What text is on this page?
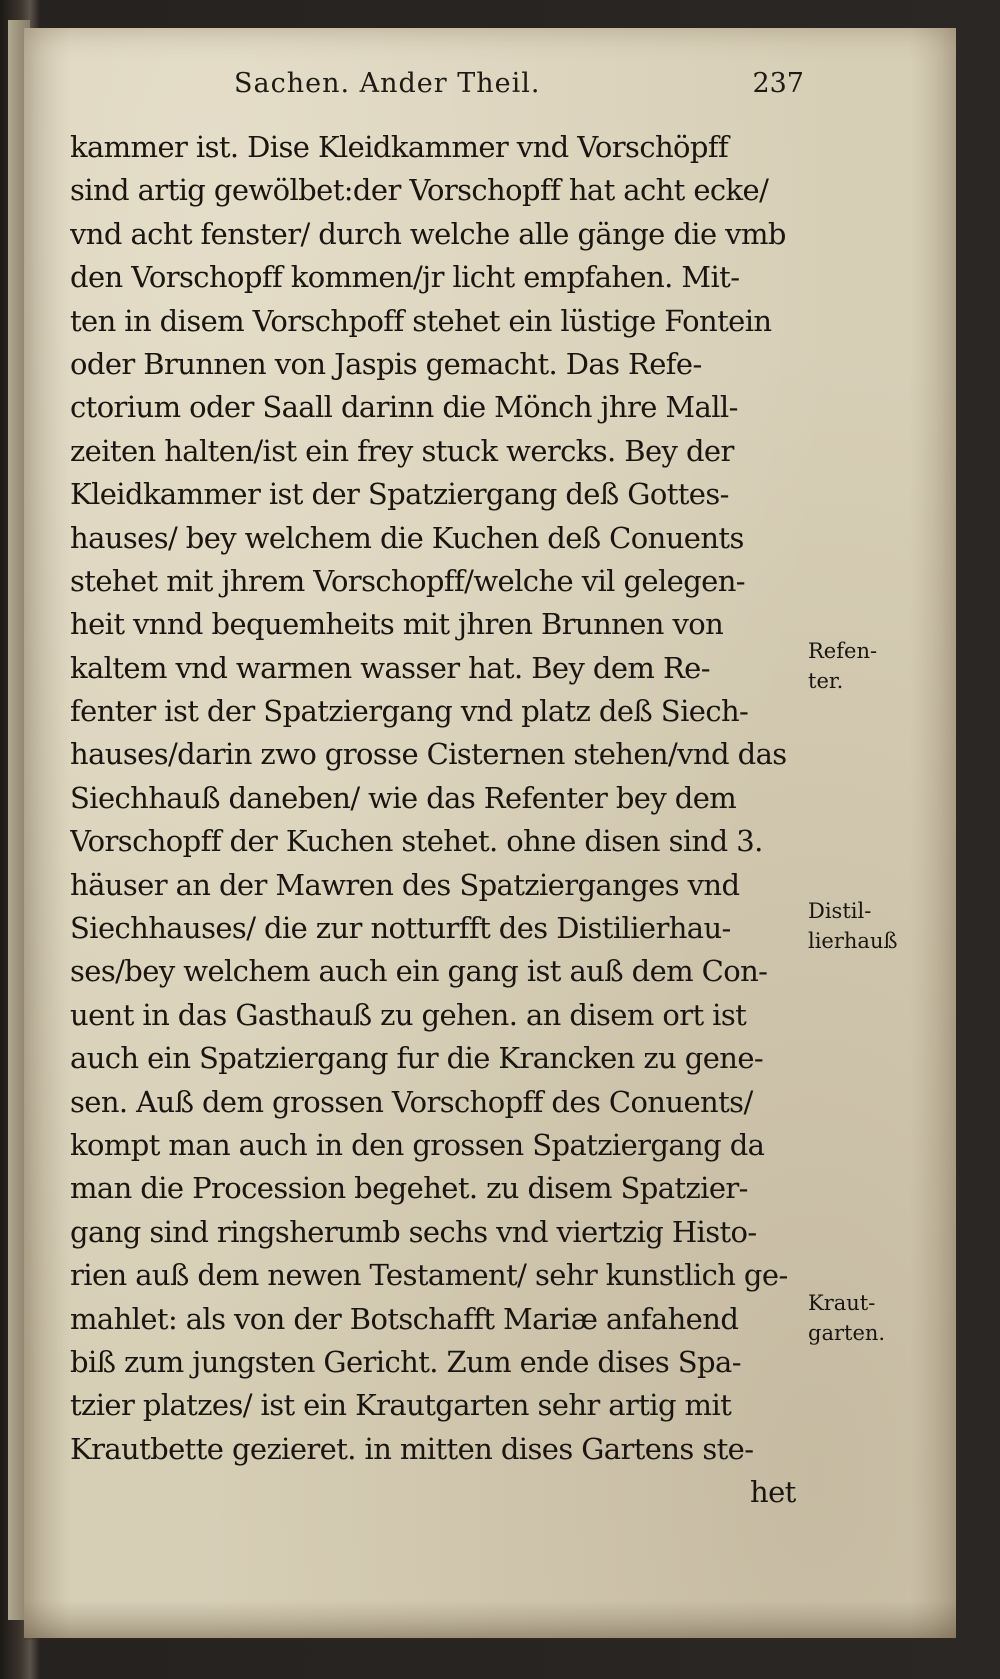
Sachen. Ander Theil.	237
kammer ist. Dise Kleidkammer vnd Vorschöpff
sind artig gewölbet:der Vorschopff hat acht ecke/
vnd acht fenster/ durch welche alle gänge die vmb
den Vorschopff kommen/jr licht empfahen. Mit-
ten in disem Vorschpoff stehet ein lüstige Fontein
oder Brunnen von Jaspis gemacht. Das Refe-
ctorium oder Saall darinn die Mönch jhre Mall-
zeiten halten/ist ein frey stuck wercks. Bey der
Kleidkammer ist der Spatziergang deß Gottes-
hauses/ bey welchem die Kuchen deß Conuents
stehet mit jhrem Vorschopff/welche vil gelegen-
heit vnnd bequemheits mit jhren Brunnen von
kaltem vnd warmen wasser hat. Bey dem Re-
fenter ist der Spatziergang vnd platz deß Siech-
hauses/darin zwo grosse Cisternen stehen/vnd das
Siechhauß daneben/ wie das Refenter bey dem
Vorschopff der Kuchen stehet. ohne disen sind 3.
häuser an der Mawren des Spatzierganges vnd
Siechhauses/ die zur notturfft des Distilierhau-
ses/bey welchem auch ein gang ist auß dem Con-
uent in das Gasthauß zu gehen. an disem ort ist
auch ein Spatziergang fur die Krancken zu gene-
sen. Auß dem grossen Vorschopff des Conuents/
kompt man auch in den grossen Spatziergang da
man die Procession begehet. zu disem Spatzier-
gang sind ringsherumb sechs vnd viertzig Histo-
rien auß dem newen Testament/ sehr kunstlich ge-
mahlet: als von der Botschafft Mariæ anfahend
biß zum jungsten Gericht. Zum ende dises Spa-
tzier platzes/ ist ein Krautgarten sehr artig mit
Krautbette gezieret. in mitten dises Gartens ste-
het
Refen-
ter.
Distil-
lierhauß
Kraut-
garten.
